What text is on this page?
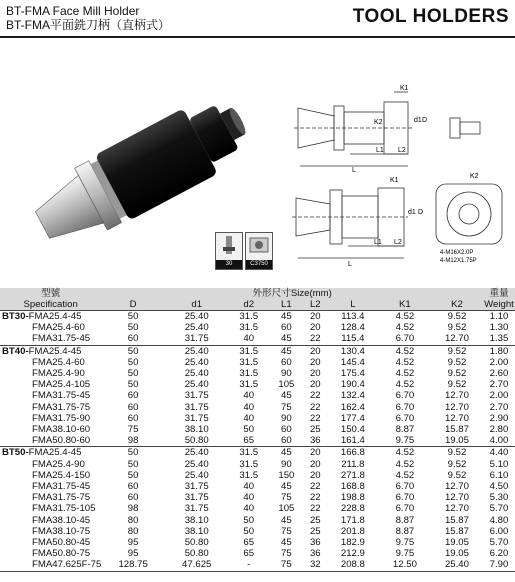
BT-FMA Face Mill Holder
BT-FMA平面銑刀柄（直柄式）	TOOL HOLDERS
K1
K2	d1 D
L1 L2
L
K2
K1
d1 D
L1 L2
L
4-M16X2.0P
4-M12X1.75P
30	C3750
型號	外形尺寸Size(mm)								重量
Specification	D	d1	d2	L1	L2	L	K1	K2	Weight
BT30-FMA25.4-45	50	25.40	31.5	45	20	113.4	4.52	9.52	1.10
FMA25.4-60	50	25.40	31.5	60	20	128.4	4.52	9.52	1.30
FMA31.75-45	60	31.75	40	45	22	115.4	6.70	12.70	1.35
BT40-FMA25.4-45	50	25.40	31.5	45	20	130.4	4.52	9.52	1.80
FMA25.4-60	50	25.40	31.5	60	20	145.4	4.52	9.52	2.00
FMA25.4-90	50	25.40	31.5	90	20	175.4	4.52	9.52	2.60
FMA25.4-105	50	25.40	31.5	105	20	190.4	4.52	9.52	2.70
FMA31.75-45	60	31.75	40	45	22	132.4	6.70	12.70	2.00
FMA31.75-75	60	31.75	40	75	22	162.4	6.70	12.70	2.70
FMA31.75-90	60	31.75	40	90	22	177.4	6.70	12.70	2.90
FMA38.10-60	75	38.10	50	60	25	150.4	8.87	15.87	2.80
FMA50.80-60	98	50.80	65	60	36	161.4	9.75	19.05	4.00
BT50-FMA25.4-45	50	25.40	31.5	45	20	166.8	4.52	9.52	4.40
FMA25.4-90	50	25.40	31.5	90	20	211.8	4.52	9.52	5.10
FMA25.4-150	50	25.40	31.5	150	20	271.8	4.52	9.52	6.10
FMA31.75-45	60	31.75	40	45	22	168.8	6.70	12.70	4.50
FMA31.75-75	60	31.75	40	75	22	198.8	6.70	12.70	5.30
FMA31.75-105	98	31.75	40	105	22	228.8	6.70	12.70	5.70
FMA38.10-45	80	38.10	50	45	25	171.8	8.87	15.87	4.80
FMA38.10-75	80	38.10	50	75	25	201.8	8.87	15.87	6.00
FMA50.80-45	95	50.80	65	45	36	182.9	9.75	19.05	5.70
FMA50.80-75	95	50.80	65	75	36	212.9	9.75	19.05	6.20
FMA47.625F-75	128.75	47.625	-	75	32	208.8	12.50	25.40	7.90
